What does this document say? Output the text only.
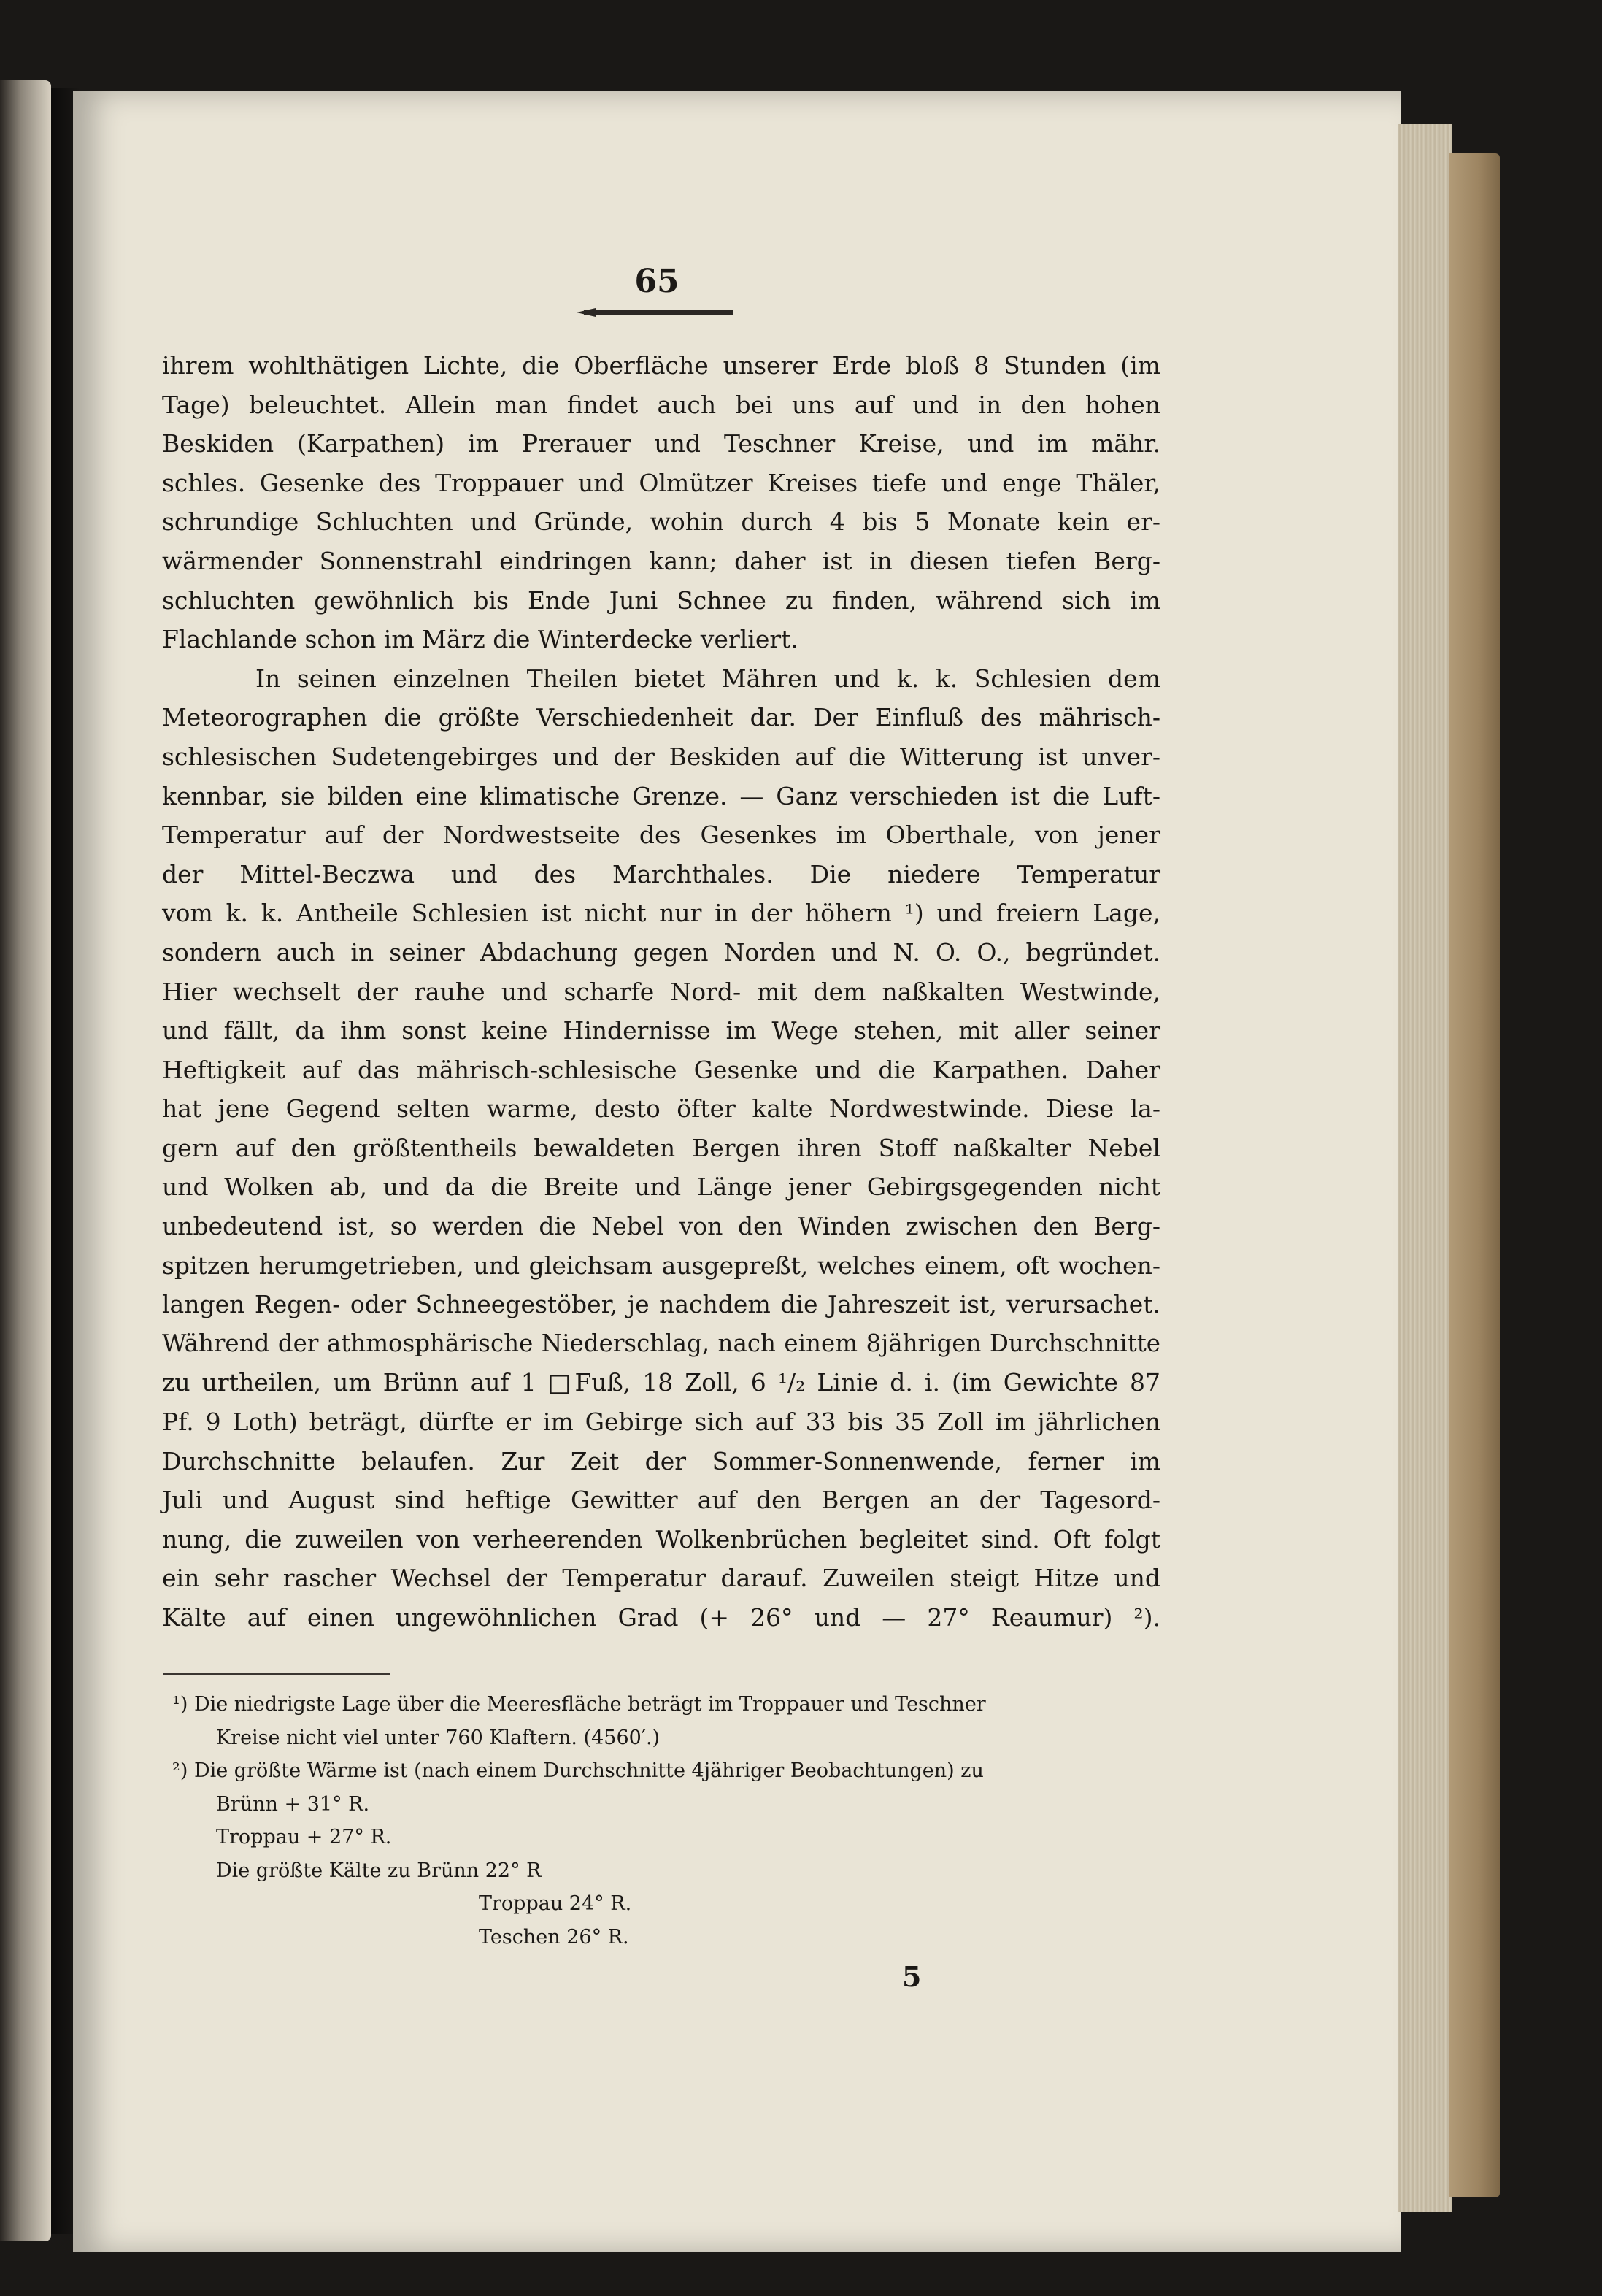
65
ihrem wohlthätigen Lichte, die Oberfläche unserer Erde bloß 8 Stunden (im
Tage) beleuchtet. Allein man findet auch bei uns auf und in den hohen
Beskiden (Karpathen) im Prerauer und Teschner Kreise, und im mähr.
schles. Gesenke des Troppauer und Olmützer Kreises tiefe und enge Thäler,
schrundige Schluchten und Gründe, wohin durch 4 bis 5 Monate kein er-
wärmender Sonnenstrahl eindringen kann; daher ist in diesen tiefen Berg-
schluchten gewöhnlich bis Ende Juni Schnee zu finden, während sich im
Flachlande schon im März die Winterdecke verliert.
In seinen einzelnen Theilen bietet Mähren und k. k. Schlesien dem
Meteorographen die größte Verschiedenheit dar. Der Einfluß des mährisch-
schlesischen Sudetengebirges und der Beskiden auf die Witterung ist unver-
kennbar, sie bilden eine klimatische Grenze. — Ganz verschieden ist die Luft-
Temperatur auf der Nordwestseite des Gesenkes im Oberthale, von jener
der Mittel-Beczwa und des Marchthales. Die niedere Temperatur
vom k. k. Antheile Schlesien ist nicht nur in der höhern ¹) und freiern Lage,
sondern auch in seiner Abdachung gegen Norden und N. O. O., begründet.
Hier wechselt der rauhe und scharfe Nord- mit dem naßkalten Westwinde,
und fällt, da ihm sonst keine Hindernisse im Wege stehen, mit aller seiner
Heftigkeit auf das mährisch-schlesische Gesenke und die Karpathen. Daher
hat jene Gegend selten warme, desto öfter kalte Nordwestwinde. Diese la-
gern auf den größtentheils bewaldeten Bergen ihren Stoff naßkalter Nebel
und Wolken ab, und da die Breite und Länge jener Gebirgsgegenden nicht
unbedeutend ist, so werden die Nebel von den Winden zwischen den Berg-
spitzen herumgetrieben, und gleichsam ausgepreßt, welches einem, oft wochen-
langen Regen- oder Schneegestöber, je nachdem die Jahreszeit ist, verursachet.
Während der athmosphärische Niederschlag, nach einem 8jährigen Durchschnitte
zu urtheilen, um Brünn auf 1 □Fuß, 18 Zoll, 6 ¹/₂ Linie d. i. (im Gewichte 87
Pf. 9 Loth) beträgt, dürfte er im Gebirge sich auf 33 bis 35 Zoll im jährlichen
Durchschnitte belaufen. Zur Zeit der Sommer-Sonnenwende, ferner im
Juli und August sind heftige Gewitter auf den Bergen an der Tagesord-
nung, die zuweilen von verheerenden Wolkenbrüchen begleitet sind. Oft folgt
ein sehr rascher Wechsel der Temperatur darauf. Zuweilen steigt Hitze und
Kälte auf einen ungewöhnlichen Grad (+ 26° und — 27° Reaumur) ²).
¹) Die niedrigste Lage über die Meeresfläche beträgt im Troppauer und Teschner
Kreise nicht viel unter 760 Klaftern. (4560′.)
²) Die größte Wärme ist (nach einem Durchschnitte 4jähriger Beobachtungen) zu
Brünn + 31° R.
Troppau + 27° R.
Die größte Kälte zu Brünn 22° R
Troppau 24° R.
Teschen 26° R.
5
